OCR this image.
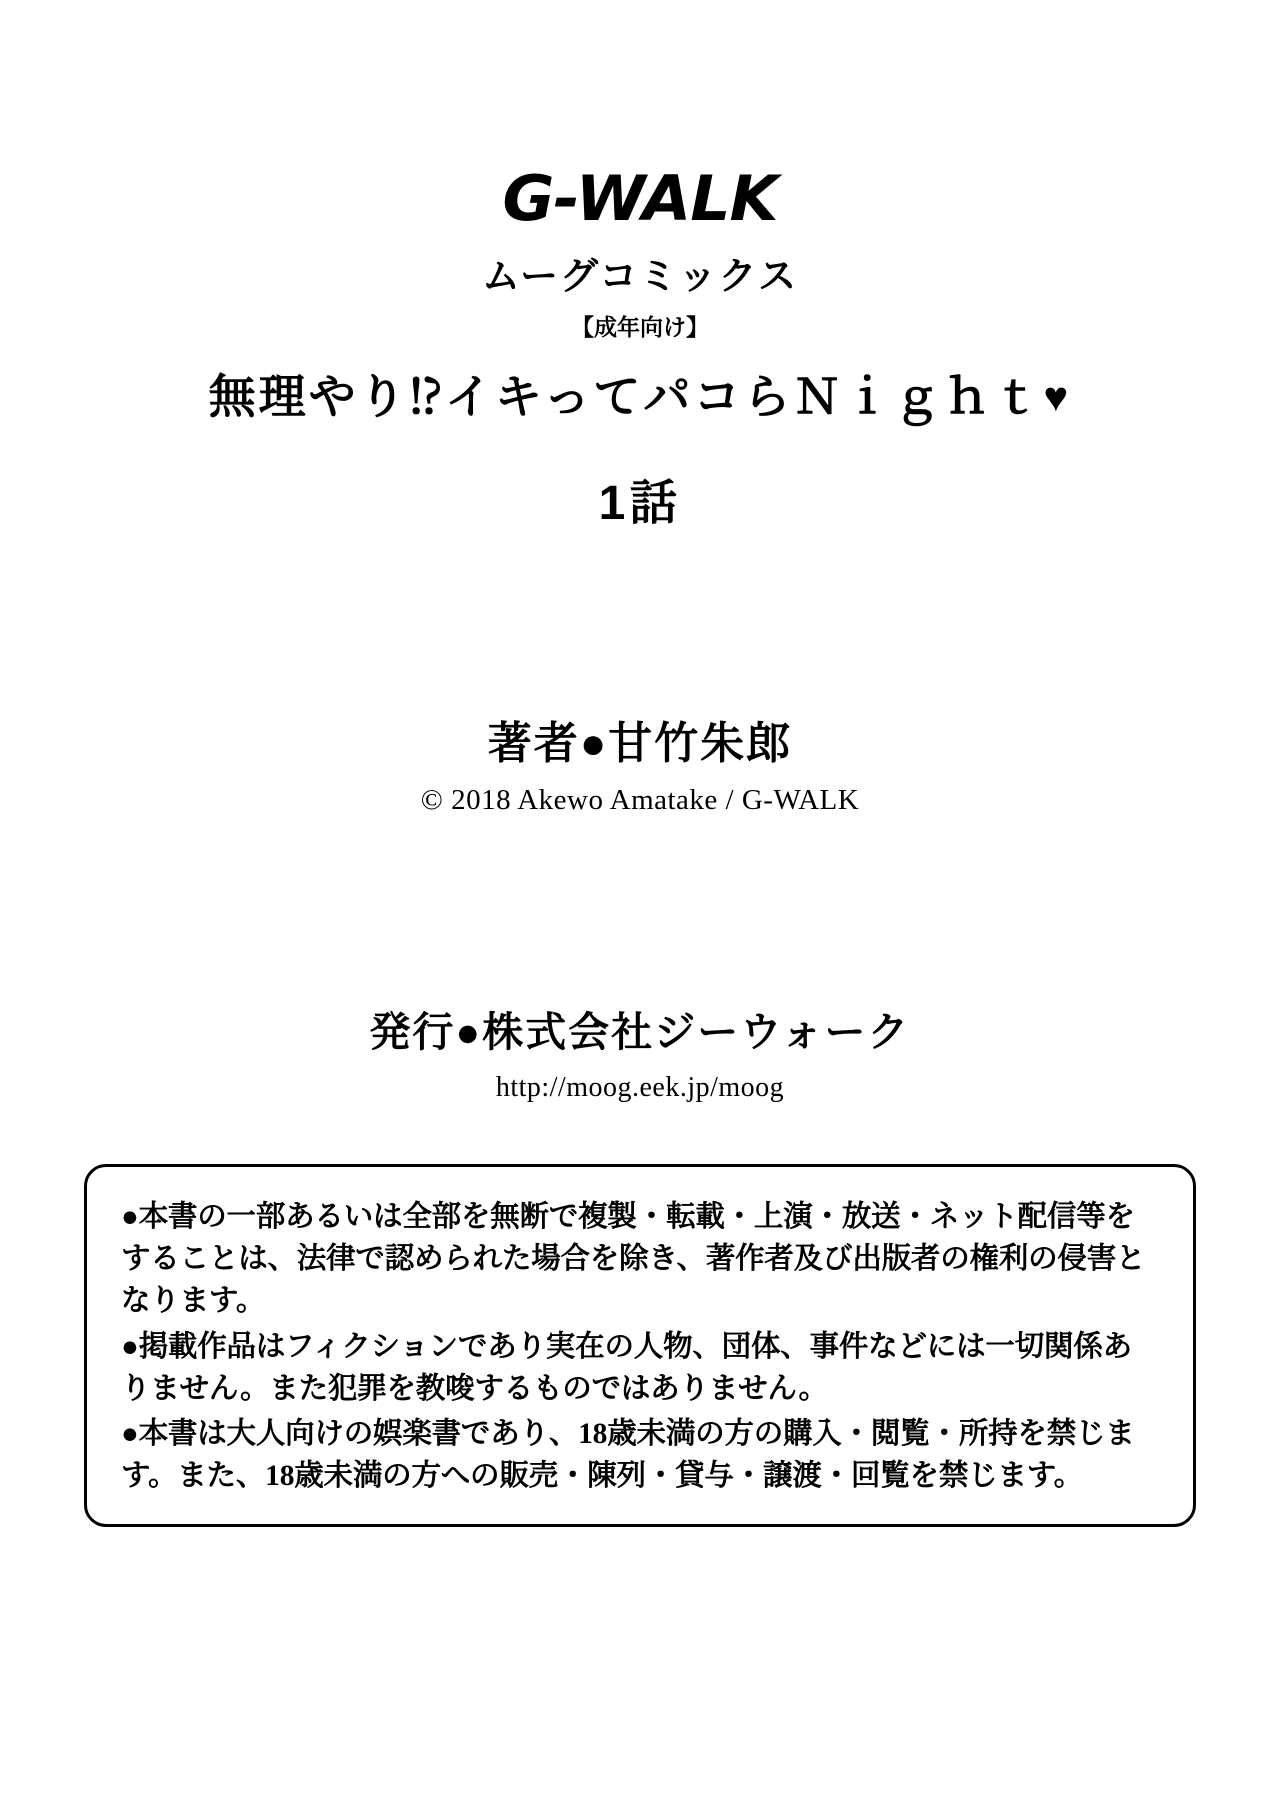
G-WALK
ムーグコミックス
【成年向け】
無理やり⁉イキってパコらＮｉｇｈｔ♥
1話
著者●甘竹朱郎
© 2018 Akewo Amatake / G-WALK
発行●株式会社ジーウォーク
http://moog.eek.jp/moog

●本書の一部あるいは全部を無断で複製・転載・上演・放送・ネット配信等をすることは、法律で認められた場合を除き、著作者及び出版者の権利の侵害となります。

●掲載作品はフィクションであり実在の人物、団体、事件などには一切関係ありません。また犯罪を教唆するものではありません。

●本書は大人向けの娯楽書であり、18歳未満の方の購入・閲覧・所持を禁じます。また、18歳未満の方への販売・陳列・貸与・譲渡・回覧を禁じます。
